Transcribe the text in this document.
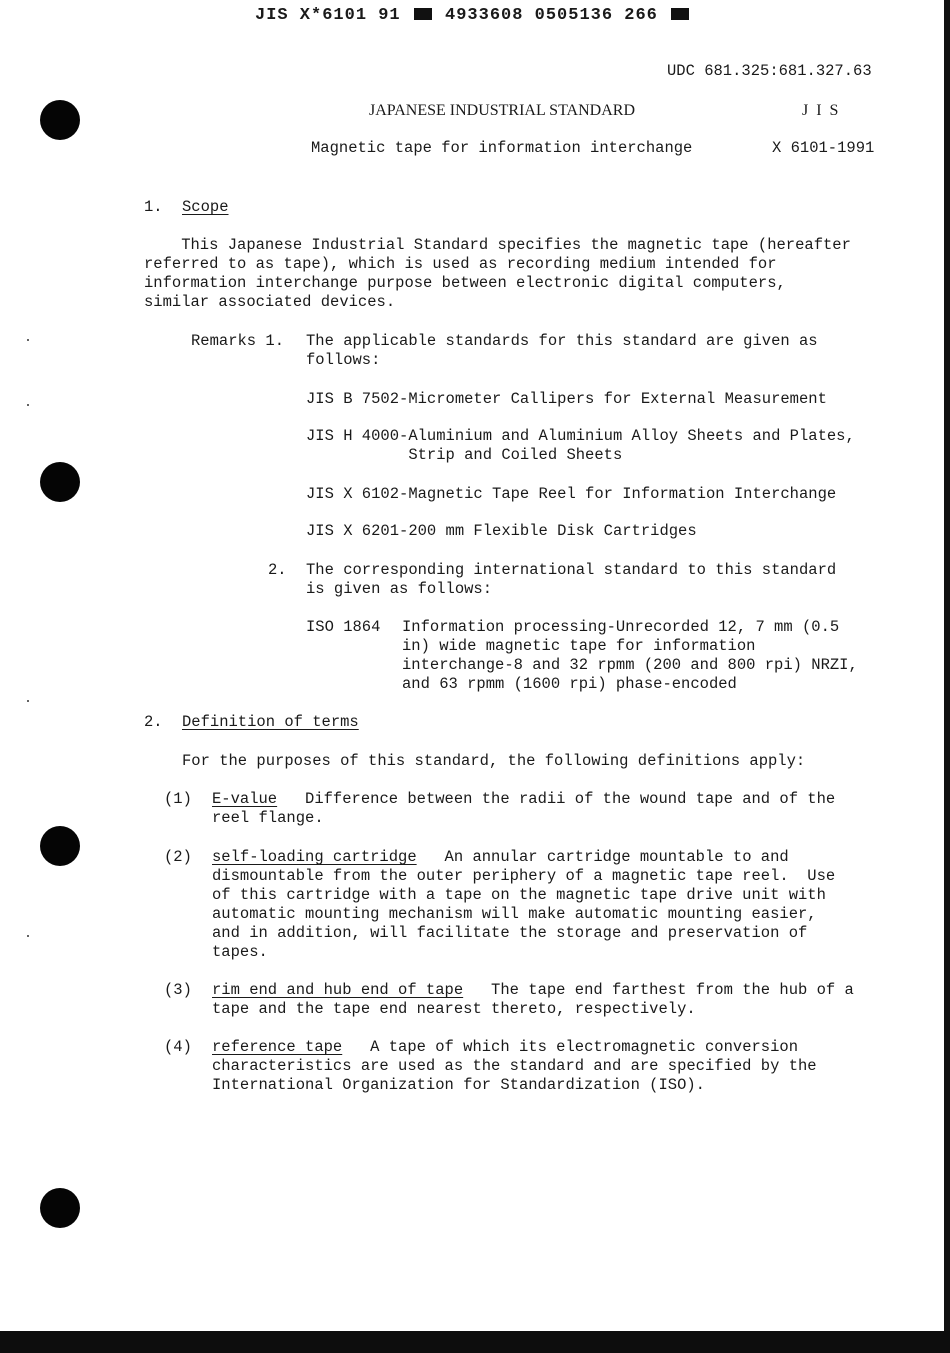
JIS X*6101 91	4933608 0505136 266
UDC 681.325:681.327.63
JAPANESE INDUSTRIAL STANDARD	J I S
Magnetic tape for information interchange	X 6101-1991
1. Scope
This Japanese Industrial Standard specifies the magnetic tape (hereafter
referred to as tape), which is used as recording medium intended for
information interchange purpose between electronic digital computers,
similar associated devices.
Remarks 1. The applicable standards for this standard are given as
follows:
JIS B 7502-Micrometer Callipers for External Measurement
JIS H 4000-Aluminium and Aluminium Alloy Sheets and Plates,
Strip and Coiled Sheets
JIS X 6102-Magnetic Tape Reel for Information Interchange
JIS X 6201-200 mm Flexible Disk Cartridges
2. The corresponding international standard to this standard
is given as follows:
ISO 1864 Information processing-Unrecorded 12, 7 mm (0.5
in) wide magnetic tape for information
interchange-8 and 32 rpmm (200 and 800 rpi) NRZI,
and 63 rpmm (1600 rpi) phase-encoded
2. Definition of terms
For the purposes of this standard, the following definitions apply:
(1) E-value   Difference between the radii of the wound tape and of the
reel flange.
(2) self-loading cartridge   An annular cartridge mountable to and
dismountable from the outer periphery of a magnetic tape reel.  Use
of this cartridge with a tape on the magnetic tape drive unit with
automatic mounting mechanism will make automatic mounting easier,
and in addition, will facilitate the storage and preservation of
tapes.
(3) rim end and hub end of tape   The tape end farthest from the hub of a
tape and the tape end nearest thereto, respectively.
(4) reference tape   A tape of which its electromagnetic conversion
characteristics are used as the standard and are specified by the
International Organization for Standardization (ISO).
